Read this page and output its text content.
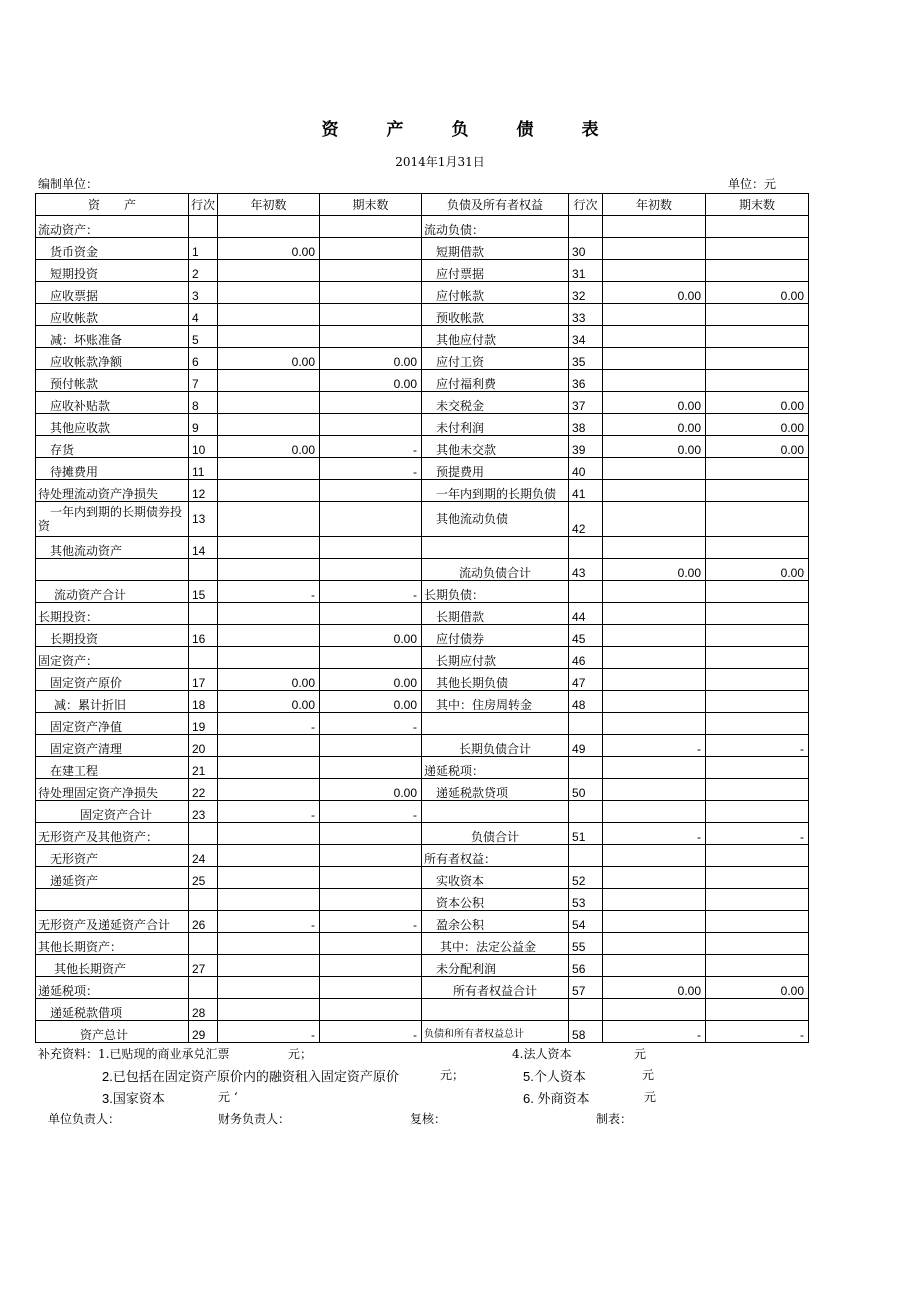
资	产	负	债	表
2014年1月31日
编制单位：	单位：元
资　　产	行次	年初数	期末数	负债及所有者权益	行次	年初数	期末数
流动资产：				流动负债：			
货币资金	1	0.00		短期借款	30		
短期投资	2			应付票据	31		
应收票据	3			应付帐款	32	0.00	0.00
应收帐款	4			预收帐款	33		
减：坏账准备	5			其他应付款	34		
应收帐款净额	6	0.00	0.00	应付工资	35		
预付帐款	7		0.00	应付福利费	36		
应收补贴款	8			未交税金	37	0.00	0.00
其他应收款	9			未付利润	38	0.00	0.00
存货	10	0.00	-	其他未交款	39	0.00	0.00
待摊费用	11		-	预提费用	40		
待处理流动资产净损失	12			一年内到期的长期负债	41		
一年内到期的长期债券投资	13			其他流动负债	42		
其他流动资产	14						
				流动负债合计	43	0.00	0.00
流动资产合计	15	-	-	长期负债：			
长期投资：				长期借款	44		
长期投资	16		0.00	应付债券	45		
固定资产：				长期应付款	46		
固定资产原价	17	0.00	0.00	其他长期负债	47		
减：累计折旧	18	0.00	0.00	其中：住房周转金	48		
固定资产净值	19	-	-				
固定资产清理	20			长期负债合计	49	-	-
在建工程	21			递延税项：			
待处理固定资产净损失	22		0.00	递延税款贷项	50		
固定资产合计	23	-	-				
无形资产及其他资产：				负债合计	51	-	-
无形资产	24			所有者权益：			
递延资产	25			实收资本	52		
				资本公积	53		
无形资产及递延资产合计	26	-	-	盈余公积	54		
其他长期资产：				其中：法定公益金	55		
其他长期资产	27			未分配利润	56		
递延税项：				所有者权益合计	57	0.00	0.00
递延税款借项	28						
资产总计	29	-	-	负债和所有者权益总计	58	-	-
补充资料：1.已贴现的商业承兑汇票	元；	4.法人资本	元
2.已包括在固定资产原价内的融资租入固定资产原价	元；	5.个人资本	元
3.国家资本	元 ‘	6. 外商资本	元
单位负责人：	财务负责人：	复核：	制表：
